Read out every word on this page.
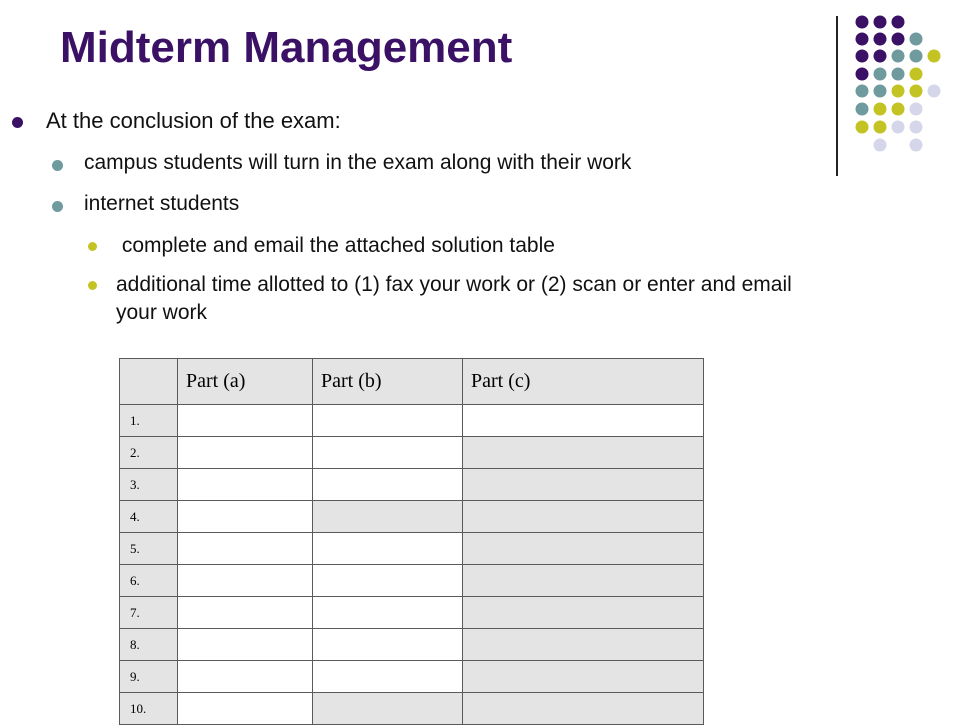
Midterm Management
At the conclusion of the exam:
campus students will turn in the exam along with their work
internet students
complete and email the attached solution table
additional time allotted to (1) fax your work or (2) scan or enter and email your work
	Part (a)	Part (b)	Part (c)
1.			
2.			
3.			
4.			
5.			
6.			
7.			
8.			
9.			
10.			
